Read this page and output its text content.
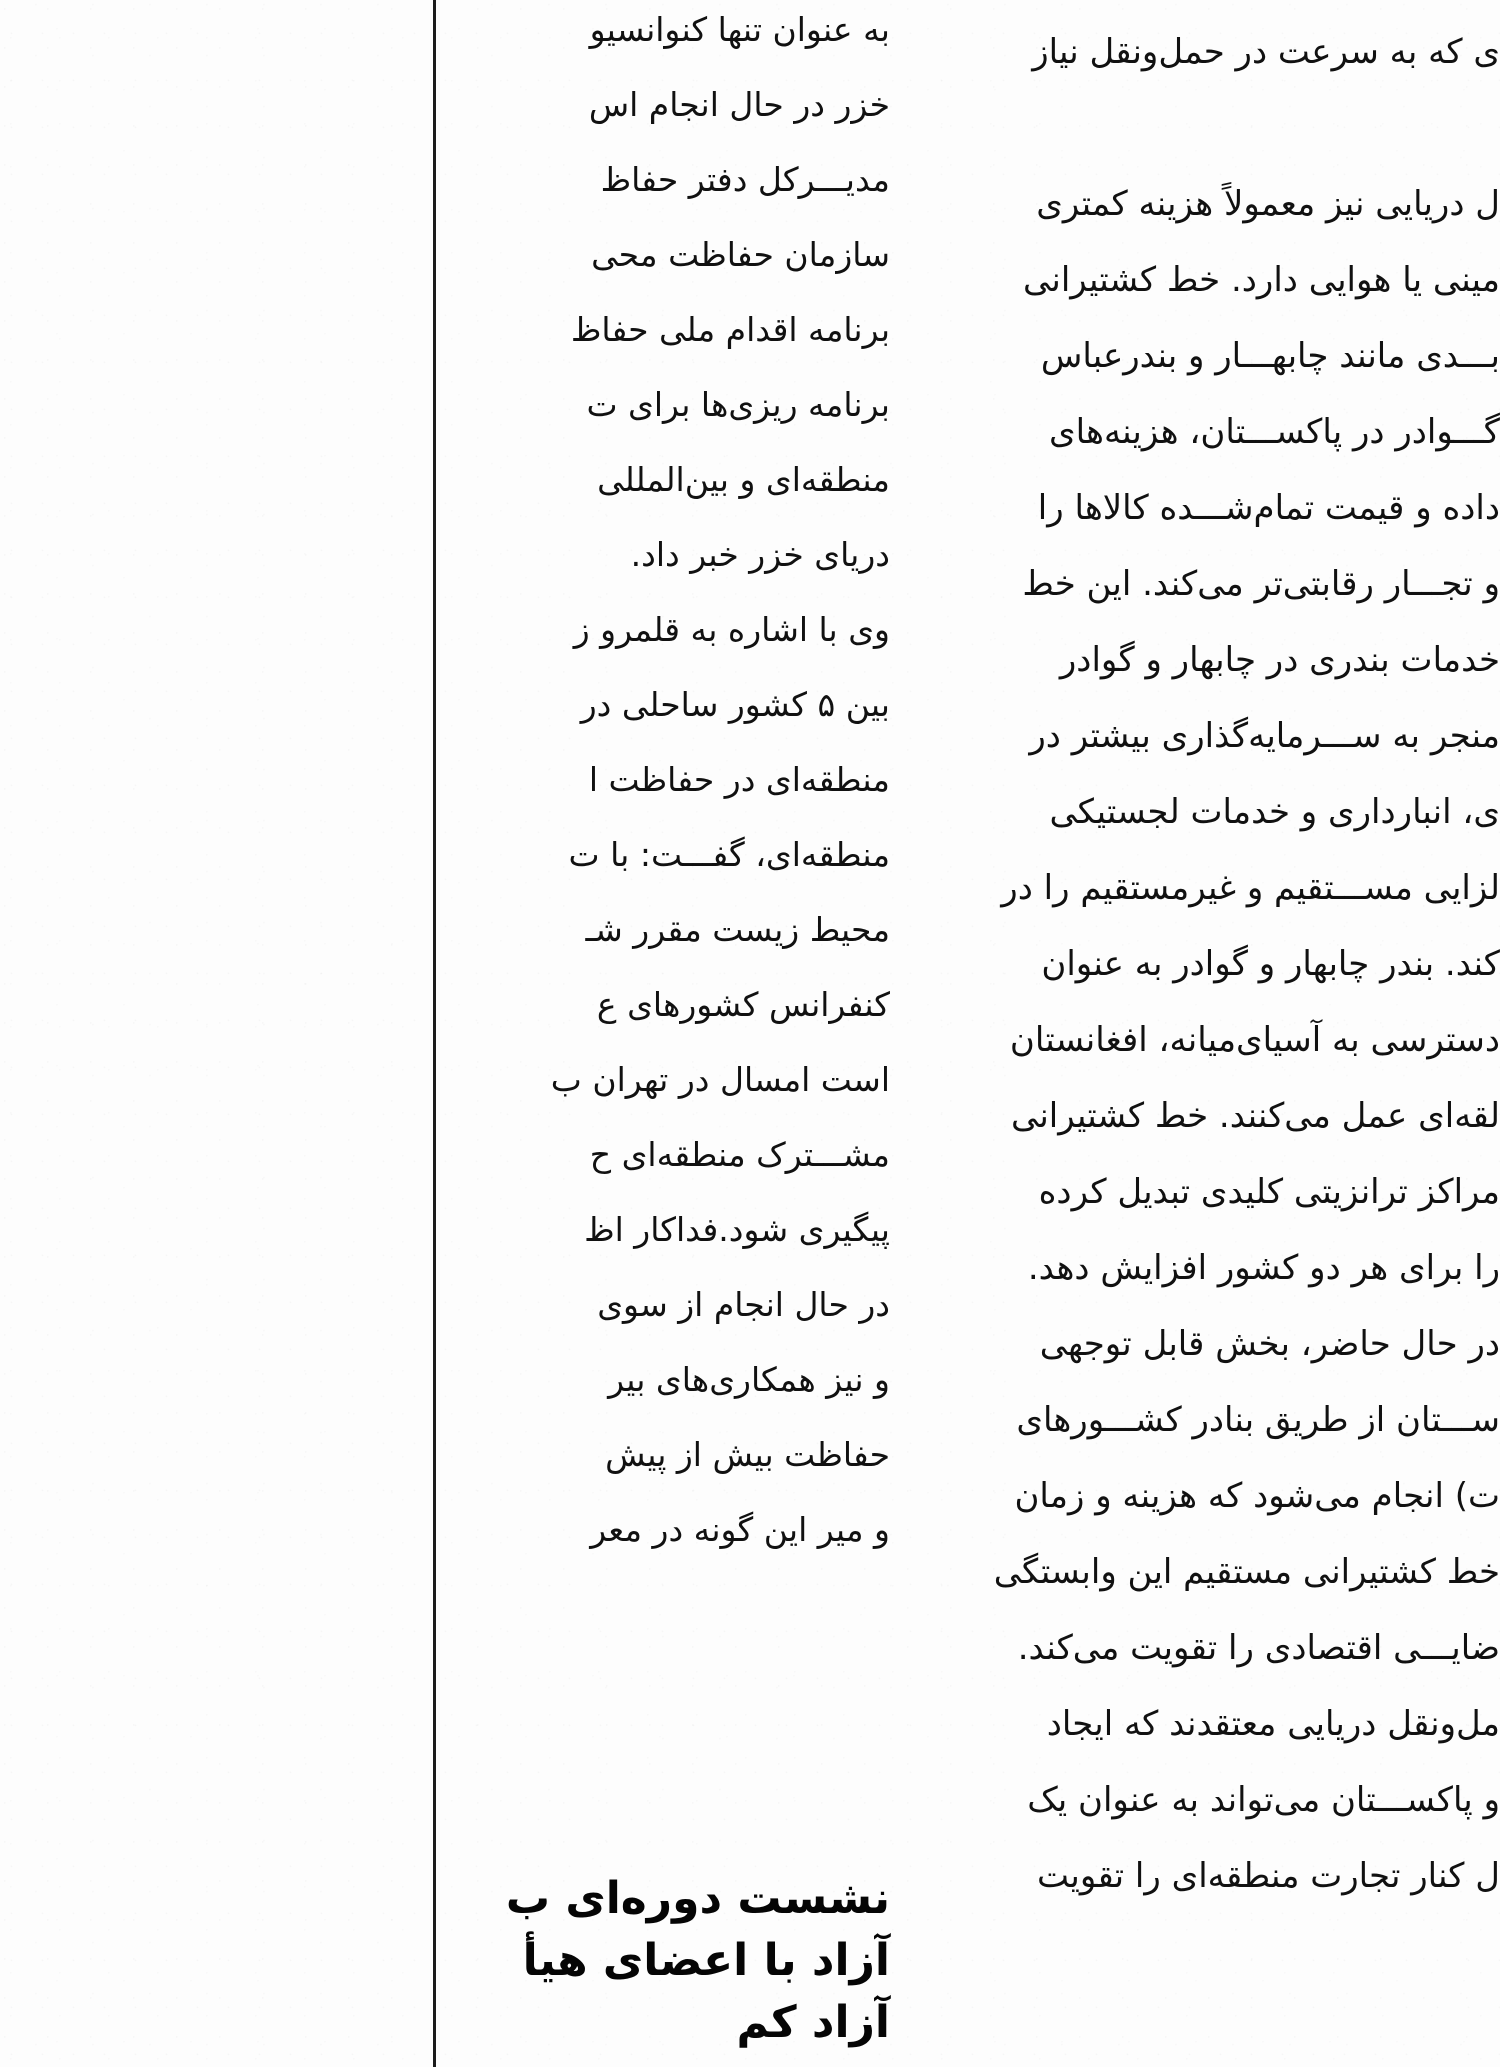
به عنوان تنها کنوانسیو
خزر در حال انجام اس
مدیـــرکل دفتر حفاظ
سازمان حفاظت محی
برنامه اقدام ملی حفاظ
برنامه ریزی‌ها برای ت
منطقه‌ای و بین‌المللی
دریای خزر خبر داد.
وی با اشاره به قلمرو ز
بین ۵ کشور ساحلی در
منطقه‌ای در حفاظت ا
منطقه‌ای، گفـــت: با ت
محیط زیست مقرر شـ
کنفرانس کشورهای ع
است امسال در تهران ب
مشـــترک منطقه‌ای ح
پیگیری شود.فداکار اظ
در حال انجام از سوی
و نیز همکاری‌های بیر
حفاظت بیش از پیش
و میر این گونه در معر
نشست دوره‌ای ب
آزاد با اعضای هیأ
آزاد کم
ی که به سرعت در حمل‌ونقل نیاز
ل دریایی نیز معمولاً هزینه کمتری
مینی یا هوایی دارد. خط کشتیرانی
بـــدی مانند چابهـــار و بندرعباس
گـــوادر در پاکســـتان، هزینه‌های
داده و قیمت تمام‌شـــده کالاها را
و تجـــار رقابتی‌تر می‌کند. این خط
خدمات بندری در چابهار و گوادر
منجر به ســـرمایه‌گذاری بیشتر در
ی، انبارداری و خدمات لجستیکی
لزایی مســـتقیم و غیرمستقیم را در
کند. بندر چابهار و گوادر به عنوان
دسترسی به آسیای‌میانه، افغانستان
لقه‌ای عمل می‌کنند. خط کشتیرانی
مراکز ترانزیتی کلیدی تبدیل کرده
را برای هر دو کشور افزایش دهد.
در حال حاضر، بخش قابل توجهی
ســـتان از طریق بنادر کشـــورهای
ت) انجام می‌شود که هزینه و زمان
خط کشتیرانی مستقیم این وابستگی
ضایـــی اقتصادی را تقویت می‌کند.
مل‌ونقل دریایی معتقدند که ایجاد
و پاکســـتان می‌تواند به عنوان یک
ل کنار تجارت منطقه‌ای را تقویت
